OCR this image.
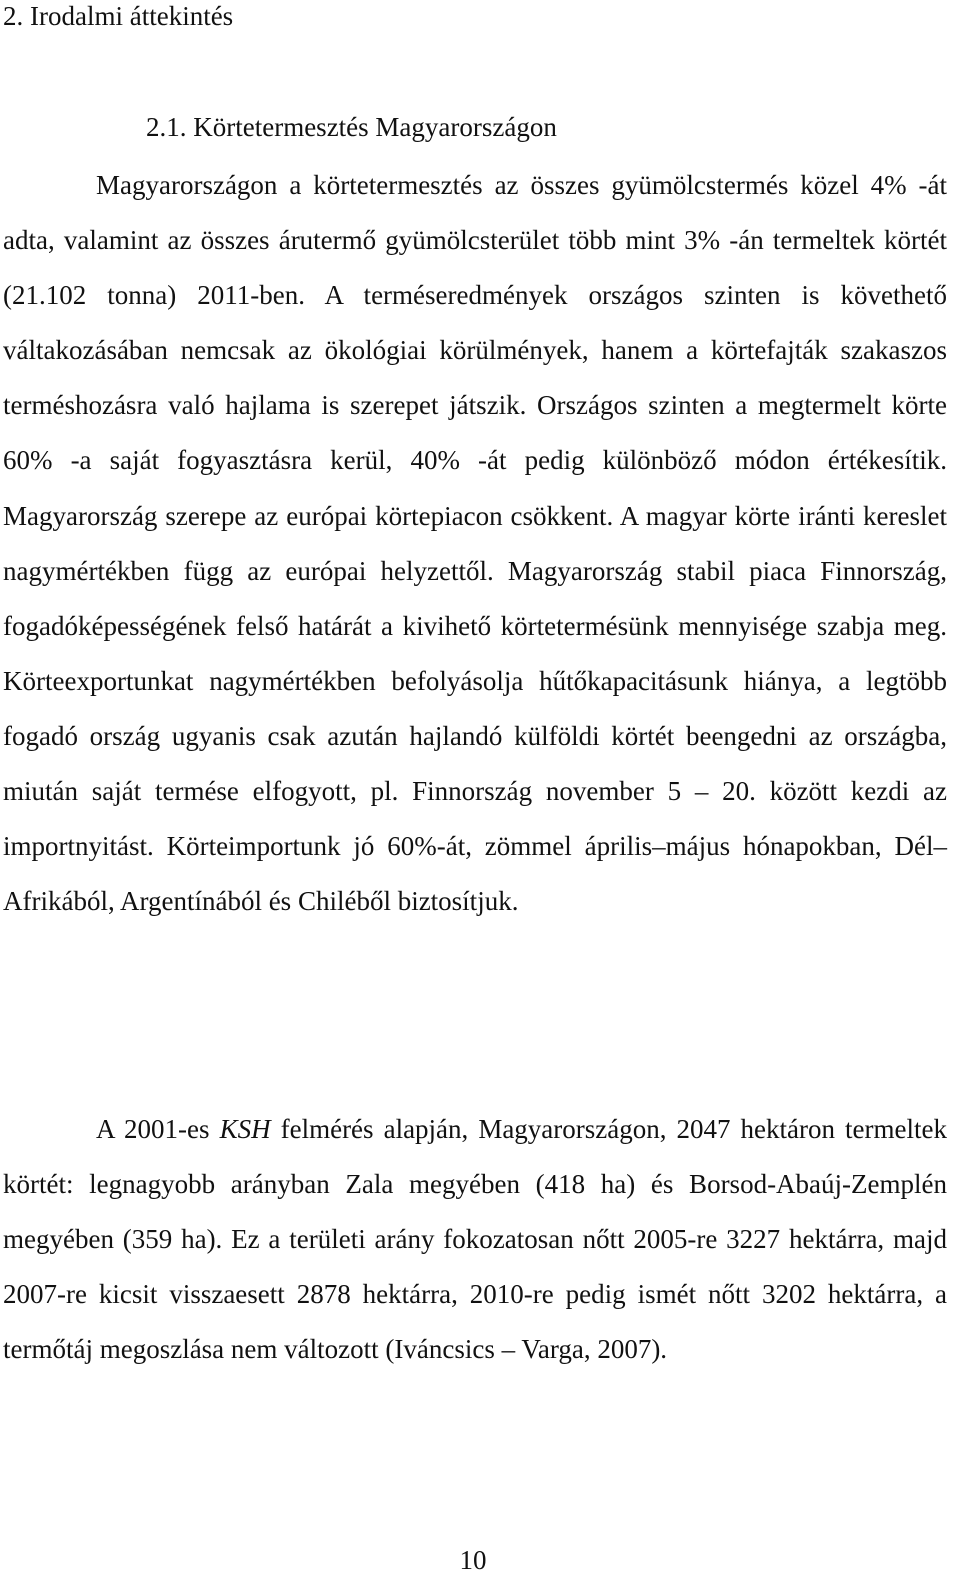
2. Irodalmi áttekintés
2.1. Körtetermesztés Magyarországon

Magyarországon a körtetermesztés az összes gyümölcstermés közel 4% -át adta, valamint az összes árutermő gyümölcsterület több mint 3% -án termeltek körtét (21.102 tonna) 2011-ben. A terméseredmények országos szinten is követhető váltakozásában nemcsak az ökológiai körülmények, hanem a körtefajták szakaszos terméshozásra való hajlama is szerepet játszik. Országos szinten a megtermelt körte 60% -a saját fogyasztásra kerül, 40% -át pedig különböző módon értékesítik. Magyarország szerepe az európai körtepiacon csökkent. A magyar körte iránti kereslet nagymértékben függ az európai helyzettől. Magyarország stabil piaca Finnország, fogadóképességének felső határát a kivihető körtetermésünk mennyisége szabja meg. Körteexportunkat nagymértékben befolyásolja hűtőkapacitásunk hiánya, a legtöbb fogadó ország ugyanis csak azután hajlandó külföldi körtét beengedni az országba, miután saját termése elfogyott, pl. Finnország november 5 – 20. között kezdi az importnyitást. Körteimportunk jó 60%-át, zömmel április–május hónapokban, Dél–Afrikából, Argentínából és Chiléből biztosítjuk.

A 2001-es KSH felmérés alapján, Magyarországon, 2047 hektáron termeltek körtét: legnagyobb arányban Zala megyében (418 ha) és Borsod-Abaúj-Zemplén megyében (359 ha). Ez a területi arány fokozatosan nőtt 2005-re 3227 hektárra, majd 2007-re kicsit visszaesett 2878 hektárra, 2010-re pedig ismét nőtt 3202 hektárra, a termőtáj megoszlása nem változott (Iváncsics – Varga, 2007).

10
